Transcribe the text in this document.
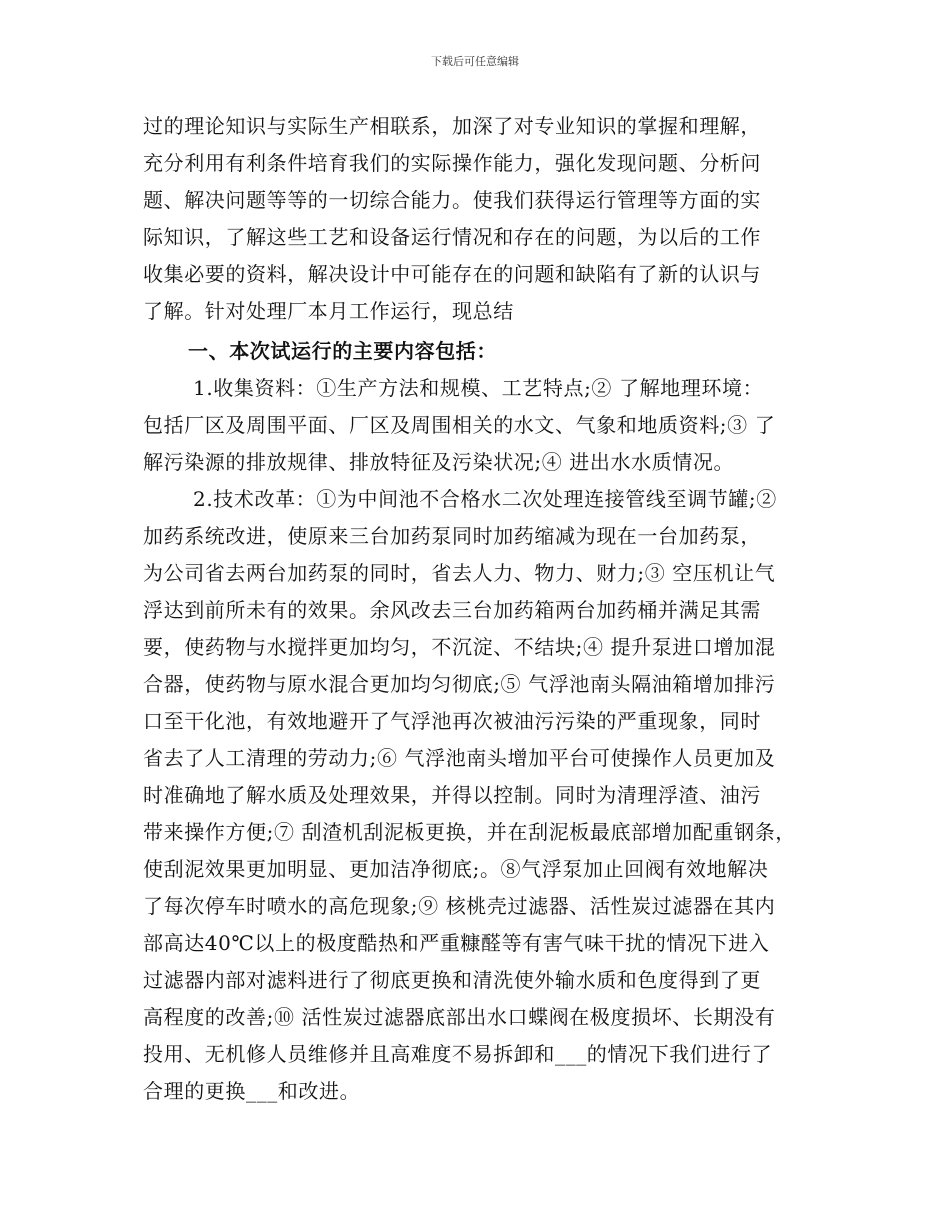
下载后可任意编辑
过的理论知识与实际生产相联系，加深了对专业知识的掌握和理解，
充分利用有利条件培育我们的实际操作能力，强化发现问题、分析问
题、解决问题等等的一切综合能力。使我们获得运行管理等方面的实
际知识，了解这些工艺和设备运行情况和存在的问题，为以后的工作
收集必要的资料，解决设计中可能存在的问题和缺陷有了新的认识与
了解。针对处理厂本月工作运行，现总结
一、本次试运行的主要内容包括：
1.收集资料：①生产方法和规模、工艺特点;② 了解地理环境：
包括厂区及周围平面、厂区及周围相关的水文、气象和地质资料;③ 了
解污染源的排放规律、排放特征及污染状况;④ 进出水水质情况。
2.技术改革：①为中间池不合格水二次处理连接管线至调节罐;②
加药系统改进，使原来三台加药泵同时加药缩减为现在一台加药泵，
为公司省去两台加药泵的同时，省去人力、物力、财力;③ 空压机让气
浮达到前所未有的效果。余风改去三台加药箱两台加药桶并满足其需
要，使药物与水搅拌更加均匀，不沉淀、不结块;④ 提升泵进口增加混
合器，使药物与原水混合更加均匀彻底;⑤ 气浮池南头隔油箱增加排污
口至干化池，有效地避开了气浮池再次被油污污染的严重现象，同时
省去了人工清理的劳动力;⑥ 气浮池南头增加平台可使操作人员更加及
时准确地了解水质及处理效果，并得以控制。同时为清理浮渣、油污
带来操作方便;⑦ 刮渣机刮泥板更换，并在刮泥板最底部增加配重钢条，
使刮泥效果更加明显、更加洁净彻底;。⑧气浮泵加止回阀有效地解决
了每次停车时喷水的高危现象;⑨ 核桃壳过滤器、活性炭过滤器在其内
部高达40℃以上的极度酷热和严重糠醛等有害气味干扰的情况下进入
过滤器内部对滤料进行了彻底更换和清洗使外输水质和色度得到了更
高程度的改善;⑩ 活性炭过滤器底部出水口蝶阀在极度损坏、长期没有
投用、无机修人员维修并且高难度不易拆卸和___的情况下我们进行了
合理的更换___和改进。
